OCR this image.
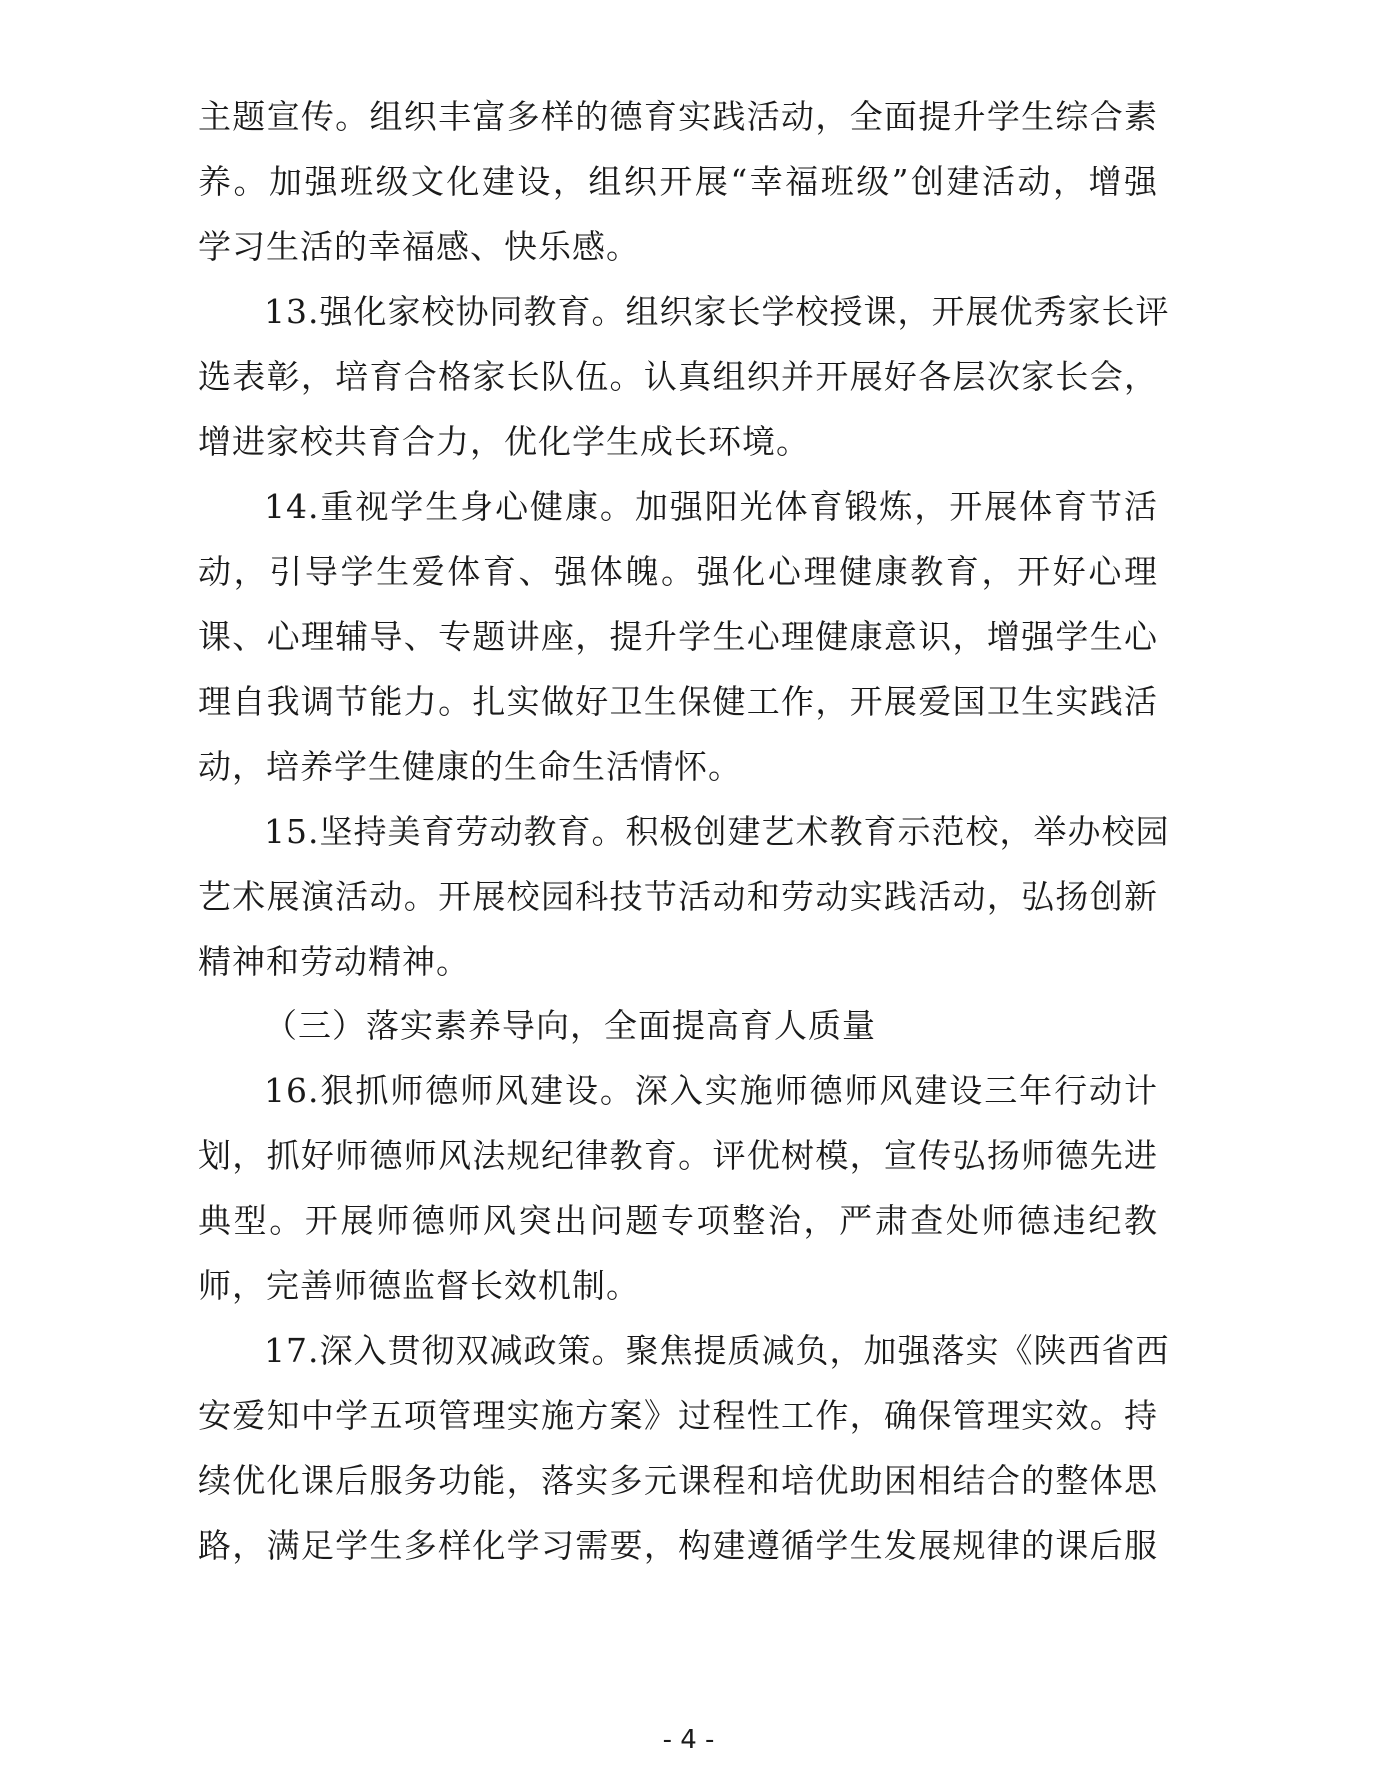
主题宣传。组织丰富多样的德育实践活动，全面提升学生综合素
养。加强班级文化建设，组织开展“幸福班级”创建活动，增强
学习生活的幸福感、快乐感。
13.强化家校协同教育。组织家长学校授课，开展优秀家长评
选表彰，培育合格家长队伍。认真组织并开展好各层次家长会，
增进家校共育合力，优化学生成长环境。
14.重视学生身心健康。加强阳光体育锻炼，开展体育节活
动，引导学生爱体育、强体魄。强化心理健康教育，开好心理
课、心理辅导、专题讲座，提升学生心理健康意识，增强学生心
理自我调节能力。扎实做好卫生保健工作，开展爱国卫生实践活
动，培养学生健康的生命生活情怀。
15.坚持美育劳动教育。积极创建艺术教育示范校，举办校园
艺术展演活动。开展校园科技节活动和劳动实践活动，弘扬创新
精神和劳动精神。
（三）落实素养导向，全面提高育人质量
16.狠抓师德师风建设。深入实施师德师风建设三年行动计
划，抓好师德师风法规纪律教育。评优树模，宣传弘扬师德先进
典型。开展师德师风突出问题专项整治，严肃查处师德违纪教
师，完善师德监督长效机制。
17.深入贯彻双减政策。聚焦提质减负，加强落实《陕西省西
安爱知中学五项管理实施方案》过程性工作，确保管理实效。持
续优化课后服务功能，落实多元课程和培优助困相结合的整体思
路，满足学生多样化学习需要，构建遵循学生发展规律的课后服
- 4 -
